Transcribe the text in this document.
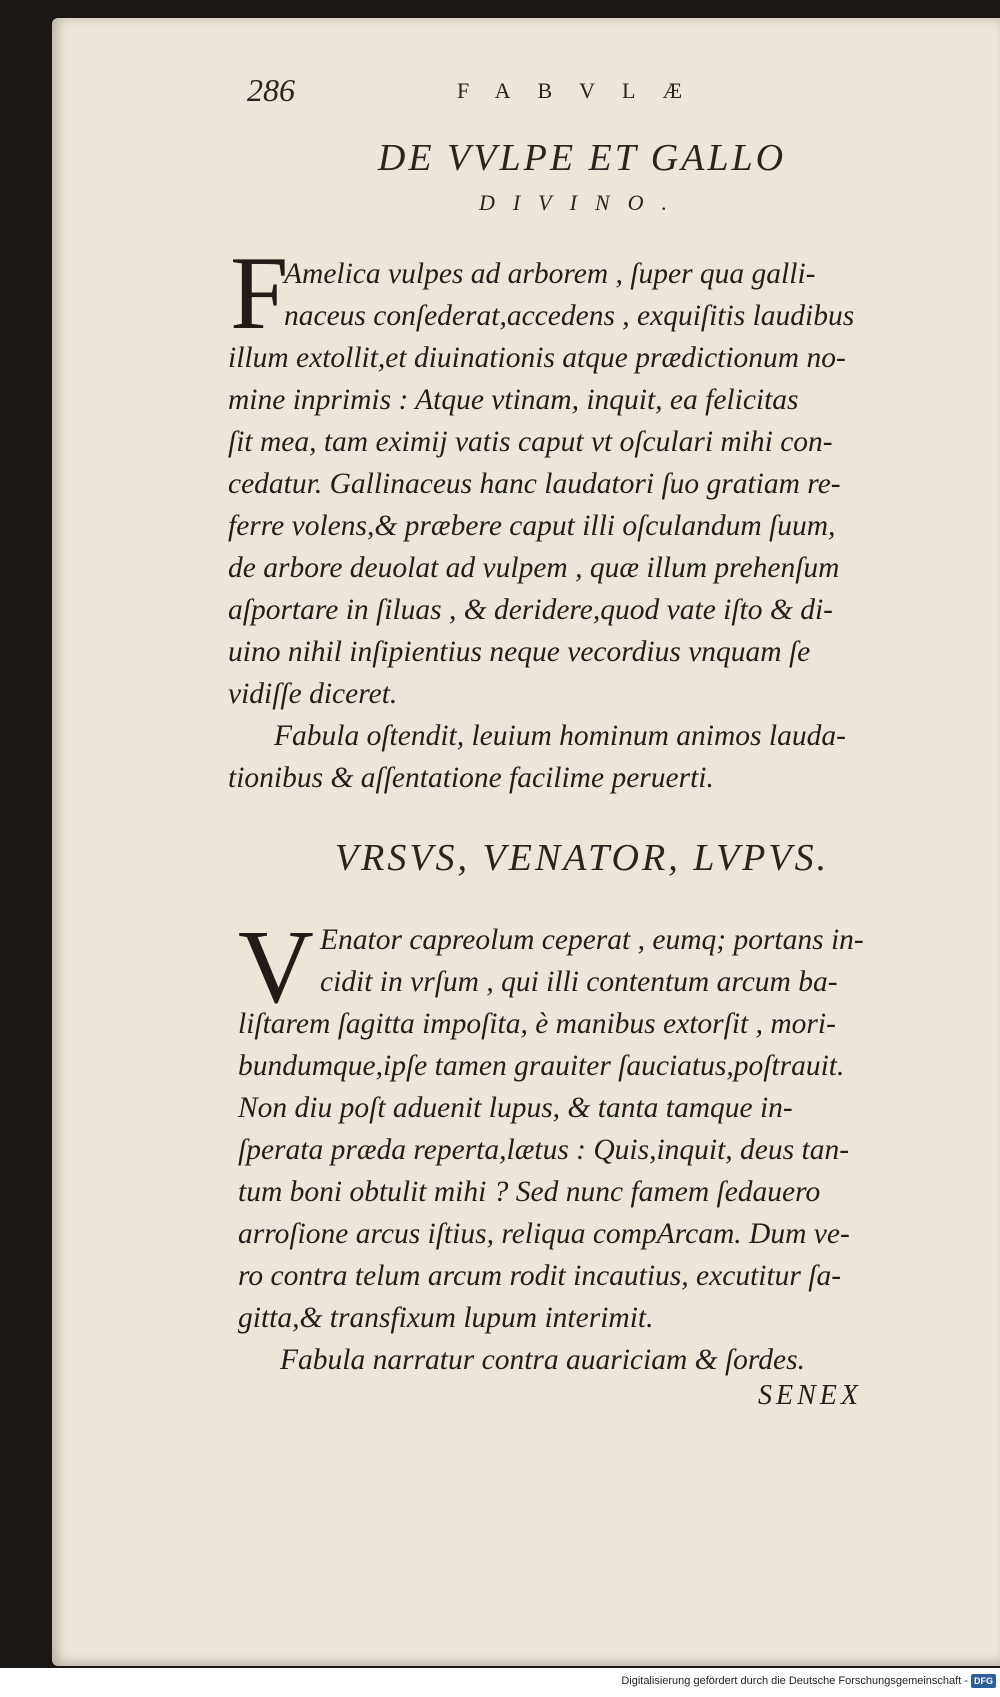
286	FABVLÆ
DE VVLPE ET GALLO
DIVINO.
F
Amelica vulpes ad arborem , ſuper qua galli-
naceus conſederat,accedens , exquiſitis laudibus
illum extollit,et diuinationis atque prædictionum no-
mine inprimis : Atque vtinam, inquit, ea felicitas
ſit mea, tam eximij vatis caput vt oſculari mihi con-
cedatur. Gallinaceus hanc laudatori ſuo gratiam re-
ferre volens,& præbere caput illi oſculandum ſuum,
de arbore deuolat ad vulpem , quæ illum prehenſum
aſportare in ſiluas , & deridere,quod vate iſto & di-
uino nihil inſipientius neque vecordius vnquam ſe
vidiſſe diceret.
Fabula oſtendit, leuium hominum animos lauda-
tionibus & aſſentatione facilime peruerti.
VRSVS, VENATOR, LVPVS.
V Enator capreolum ceperat , eumq; portans in-
cidit in vrſum , qui illi contentum arcum ba-
liſtarem ſagitta impoſita, è manibus extorſit , mori-
bundumque,ipſe tamen grauiter ſauciatus,poſtrauit.
Non diu poſt aduenit lupus, & tanta tamque in-
ſperata præda reperta,lætus : Quis,inquit, deus tan-
tum boni obtulit mihi ? Sed nunc famem ſedauero
arroſione arcus iſtius, reliqua compArcam. Dum ve-
ro contra telum arcum rodit incautius, excutitur ſa-
gitta,& transfixum lupum interimit.
Fabula narratur contra auariciam & ſordes.
SENEX
Digitalisierung gefördert durch die Deutsche Forschungsgemeinschaft - DFG
